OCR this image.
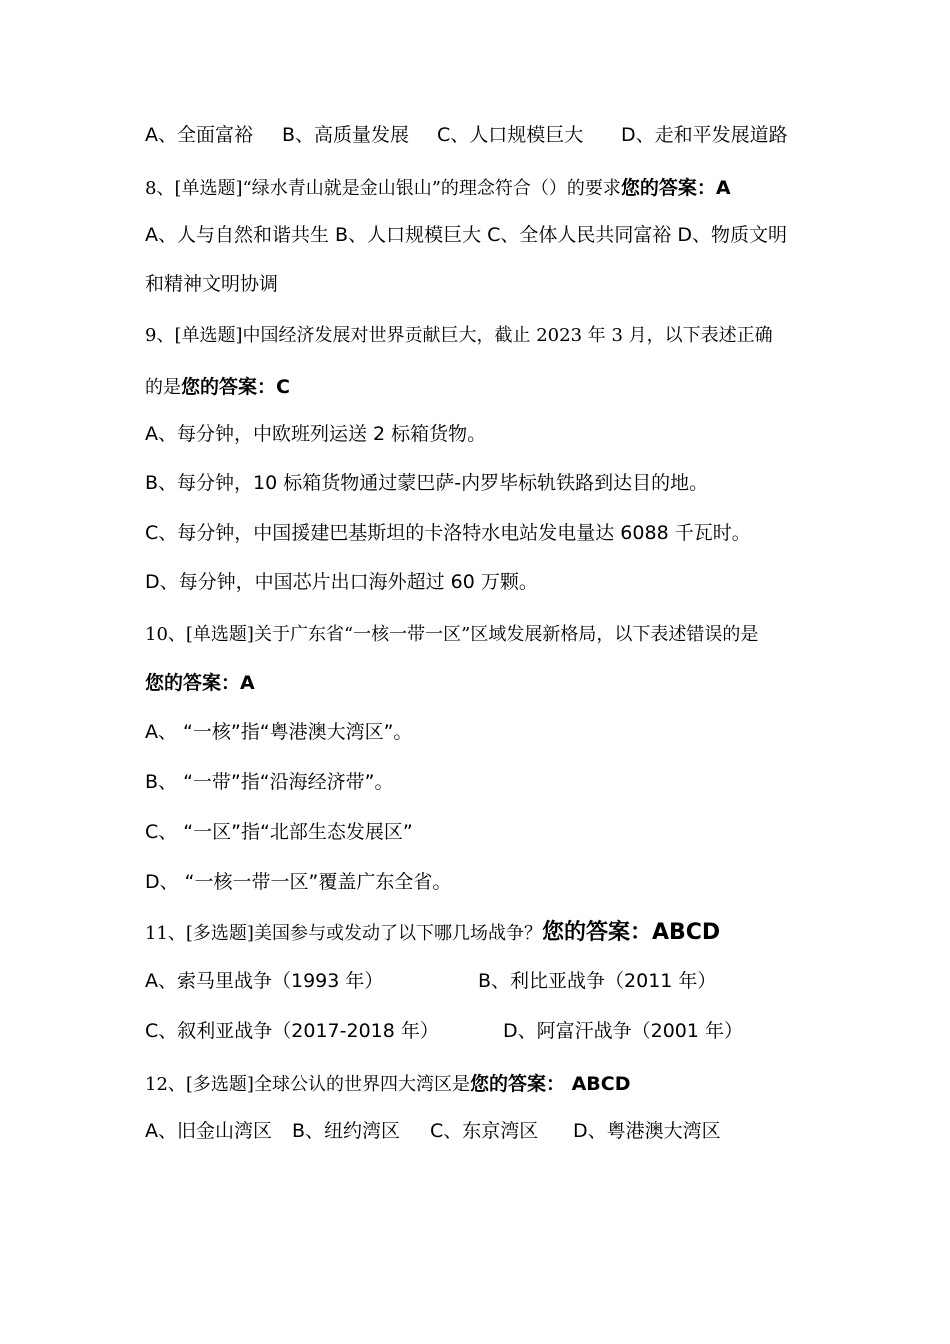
A、全面富裕 B、高质量发展 C、人口规模巨大 D、走和平发展道路
8、[单选题]“绿水青山就是金山银山”的理念符合（）的要求您的答案：A
A、人与自然和谐共生 B、人口规模巨大 C、全体人民共同富裕 D、物质文明
和精神文明协调
9、[单选题]中国经济发展对世界贡献巨大，截止 2023 年 3 月，以下表述正确
的是您的答案：C
A、每分钟，中欧班列运送 2 标箱货物。
B、每分钟，10 标箱货物通过蒙巴萨-内罗毕标轨铁路到达目的地。
C、每分钟，中国援建巴基斯坦的卡洛特水电站发电量达 6088 千瓦时。
D、每分钟，中国芯片出口海外超过 60 万颗。
10、[单选题]关于广东省“一核一带一区”区域发展新格局，以下表述错误的是
您的答案：A
A、 “一核”指“粤港澳大湾区”。
B、 “一带”指“沿海经济带”。
C、 “一区”指“北部生态发展区”
D、 “一核一带一区”覆盖广东全省。
11、[多选题]美国参与或发动了以下哪几场战争？您的答案：ABCD
A、索马里战争（1993 年）	B、利比亚战争（2011 年）
C、叙利亚战争（2017-2018 年）	D、阿富汗战争（2001 年）
12、[多选题]全球公认的世界四大湾区是您的答案： ABCD
A、旧金山湾区 B、纽约湾区 C、东京湾区 D、粤港澳大湾区
